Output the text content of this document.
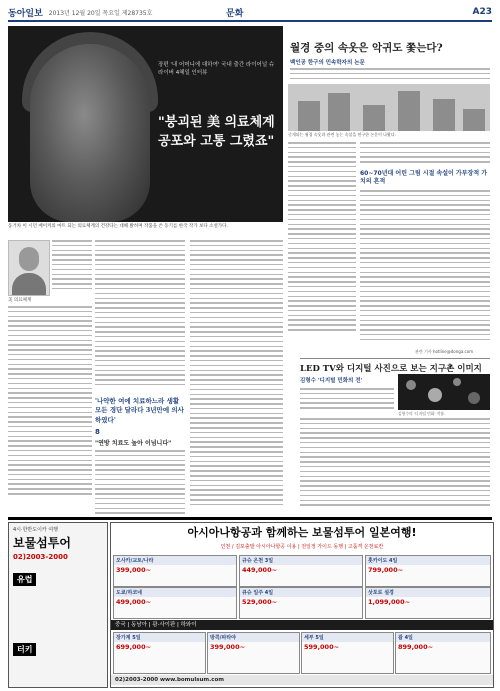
동아일보 2013년 12월 20일 목요일 제28735호	문화	A23
장편 '내 어머니에 대하여' 국내 출간 라이어널 슈라이버 4혜일 인터뷰
"붕괴된 美 의료체계 공포와 고통 그렸죠"
동거차 이 시던 베이커의 마트 되는 의료체계의 건강다는 대해 밝히며 작품을 쓴 동기를 한국 작가 보다 소설가다.
美 의료체계
'나약한 여에 치료하느라 생활 모든 경단 달라다 3년만에 의사하였다'
8
"연방 치료도 높아 이넘니다"
월경 중의 속옷은 악귀도 쫓는다?
백인공 한구의 민속학자의 논문
중개되는 월경 속옷과 관련 놓는 속설을 연구한 논문이 나왔다.
60~70년대 어린 그림 시절 속설이 가부장적 가치의 흔적
관련 기사 hotline@donga.com
LED TV와 디지털 사진으로 보는 지구촌 이미지
김형수 '디지털 민화의 전'
김형수의 '디지털 민화' 작품.
4시·한반도이카 여행
보물섬투어
02)2003-2000
유럽
터키
아시아나항공과 함께하는 보물섬투어 일본여행!
인천 / 김포출발 아시아나항공 이용 | 전일정 가이드 동행 | 고품격 온천료칸
오사카/교토/나라
399,000~
규슈 온천 3일
449,000~
홋카이도 4일
799,000~
도쿄/하코네
499,000~
큐슈 일주 4일
529,000~
삿포로 설경
1,099,000~
중국 | 동남아 | 괌·사이판 | 하와이
장가계 5일
699,000~
방콕/파타야
399,000~
세부 5일
599,000~
괌 4일
899,000~
02)2003-2000 www.bomulsum.com
